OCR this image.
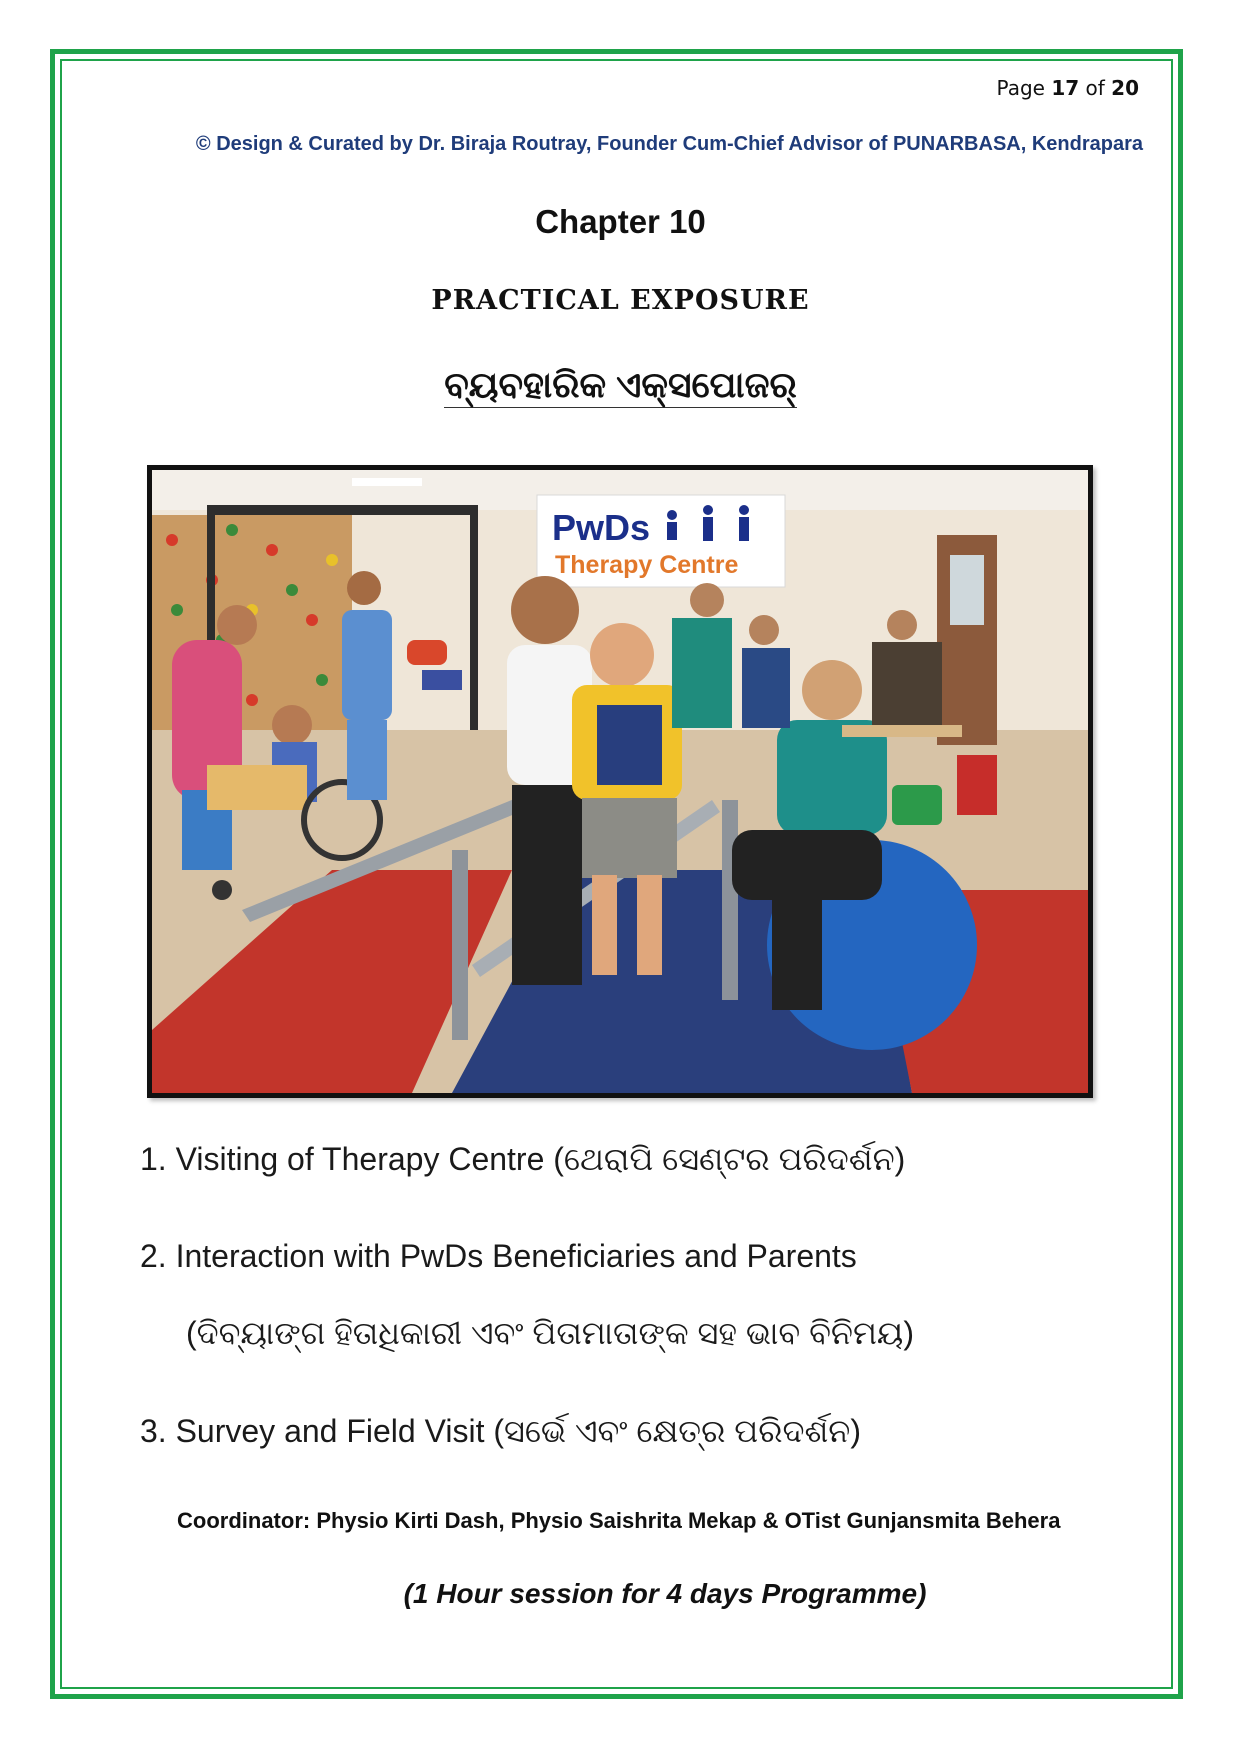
Page 17 of 20
© Design & Curated by Dr. Biraja Routray, Founder Cum-Chief Advisor of PUNARBASA, Kendrapara
Chapter 10
PRACTICAL EXPOSURE
ବ୍ୟବହାରିକ ଏକ୍ସପୋଜର୍
PwDs
Therapy Centre
1. Visiting of Therapy Centre (ଥେରାପି ସେଣ୍ଟର ପରିଦର୍ଶନ)
2. Interaction with PwDs Beneficiaries and Parents
(ଦିବ୍ୟାଙ୍ଗ ହିତାଧିକାରୀ ଏବଂ ପିତାମାତାଙ୍କ ସହ ଭାବ ବିନିମୟ)
3. Survey and Field Visit (ସର୍ଭେ ଏବଂ କ୍ଷେତ୍ର ପରିଦର୍ଶନ)
Coordinator: Physio Kirti Dash, Physio Saishrita Mekap & OTist Gunjansmita Behera
(1 Hour session for 4 days Programme)
